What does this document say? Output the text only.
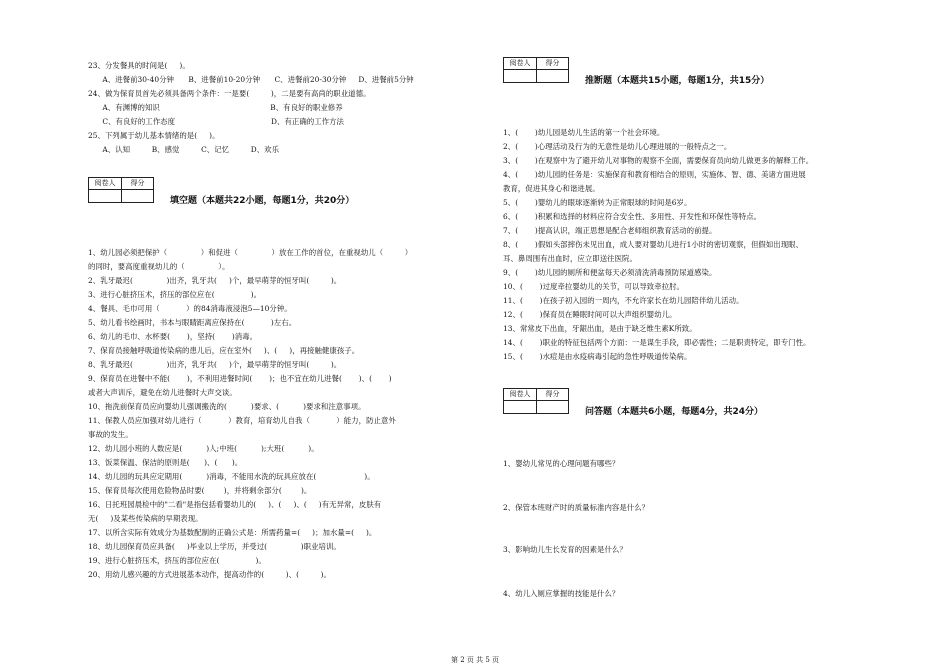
23、分发餐具的时间是(     )。
A、进餐前30-40分钟      B、进餐前10-20分钟      C、进餐前20-30分钟     D、进餐前5分钟
24、做为保育员首先必须具备两个条件：一是要(         )，二是要有高尚的职业道德。
A、有渊博的知识                                              B、有良好的职业修养
C、有良好的工作态度                                        D、有正确的工作方法
25、下列属于幼儿基本情绪的是(     )。
A、认知         B、感觉         C、记忆         D、欢乐
阅卷人	得分
填空题（本题共22小题，每题1分，共20分）
1、幼儿园必须把保护（              ）和促进（              ）放在工作的首位，在重视幼儿（         ）
的同时，要高度重视幼儿的（              ）。
2、乳牙最迟(              )出齐，乳牙共(     )个，最早萌芽的恒牙叫(         )。
3、进行心脏挤压术，挤压的部位应在(               )。
4、餐具、毛巾可用（           ）的84消毒液浸泡5—10分钟。
5、幼儿看书绘画时，书本与眼睛距离应保持在(           )左右。
6、幼儿的毛巾、水杯要(       )，坚持(       )消毒。
7、保育员接触呼吸道传染病的患儿后，应在室外(     )、(     )，再接触健康孩子。
8、乳牙最迟(              )出齐，乳牙共(     )个，最早萌芽的恒牙叫(         )。
9、保育员在进餐中不能(       )，不利用进餐时间(       )；也不宜在幼儿进餐(       )、(       )
或者大声训斥，避免在幼儿进餐时大声交谈。
10、拖洗前保育员应向婴幼儿强调搬洗的(          )要求、(          )要求和注意事项。
11、保教人员应加强对幼儿进行（           ）教育，培育幼儿自我（           ）能力，防止意外
事故的发生。
12、幼儿园小班的人数应是(          )人;中班(          );大班(          )。
13、饭菜保温、保洁的原则是(      )、(      )。
14、幼儿园的玩具应定期用(          )消毒，不能用水洗的玩具应放在(                    )。
15、保育员每次使用危险物品时要(        )，并将剩余部分(        )。
16、日托班园晨检中的"二看"是指包括看婴幼儿的(     )、(     )、(     )有无异常，皮肤有
无(     )及某些传染病的早期表现。
17、以所含实际有效成分为基数配制的正确公式是：所需药量=(     )；加水量=(     )。
18、幼儿园保育员应具备(     )毕业以上学历，并受过(              )职业培训。
19、进行心脏挤压术，挤压的部位应在(               )。
20、用幼儿感兴趣的方式进展基本动作，提高动作的(         )、(         )。
阅卷人	得分
推断题（本题共15小题，每题1分，共15分）
1、(       )幼儿园是幼儿生活的第一个社会环境。
2、(       )心理活动及行为的无意性是幼儿心理进展的一般特点之一。
3、(       )在观察中为了避开幼儿对事物的观察不全面，需要保育员向幼儿做更多的解释工作。
4、(       )幼儿园的任务是：实施保育和教育相结合的原则，实施体、智、德、美诸方面进展
教育，促进其身心和谐进展。
5、(       )婴幼儿的眼球逐渐转为正常眼球的时间是6岁。
6、(       )积累和选择的材料应符合安全性、多用性、开发性和环保性等特点。
7、(       )提高认识，端正思想是配合老师组织教育活动的前提。
8、(       )假如头部摔伤未见出血，成人要对婴幼儿进行1小时的密切观察，但假如出现眼、
耳、鼻周围有出血时，应立即送往医院。
9、(       )幼儿园的厕所和便盆每天必须清洗消毒预防尿道感染。
10、(       )过度牵拉婴幼儿的关节，可以导致牵拉肘。
11、(       )在孩子初入园的一周内，不允许家长在幼儿园陪伴幼儿活动。
12、(       )保育员在睡眠时间可以大声组织婴幼儿。
13、常常皮下出血，牙龈出血，是由于缺乏维生素K所致。
14、(       )职业的特征包括两个方面：一是谋生手段，即必需性；二是职责特定，即专门性。
15、(       )水痘是由水疫病毒引起的急性呼吸道传染病。
阅卷人	得分
问答题（本题共6小题，每题4分，共24分）
1、婴幼儿常见的心理问题有哪些？
2、保管本班财产时的质量标准内容是什么？
3、影响幼儿生长发育的因素是什么？
4、幼儿入厕应掌握的技能是什么？
第 2 页 共 5 页
